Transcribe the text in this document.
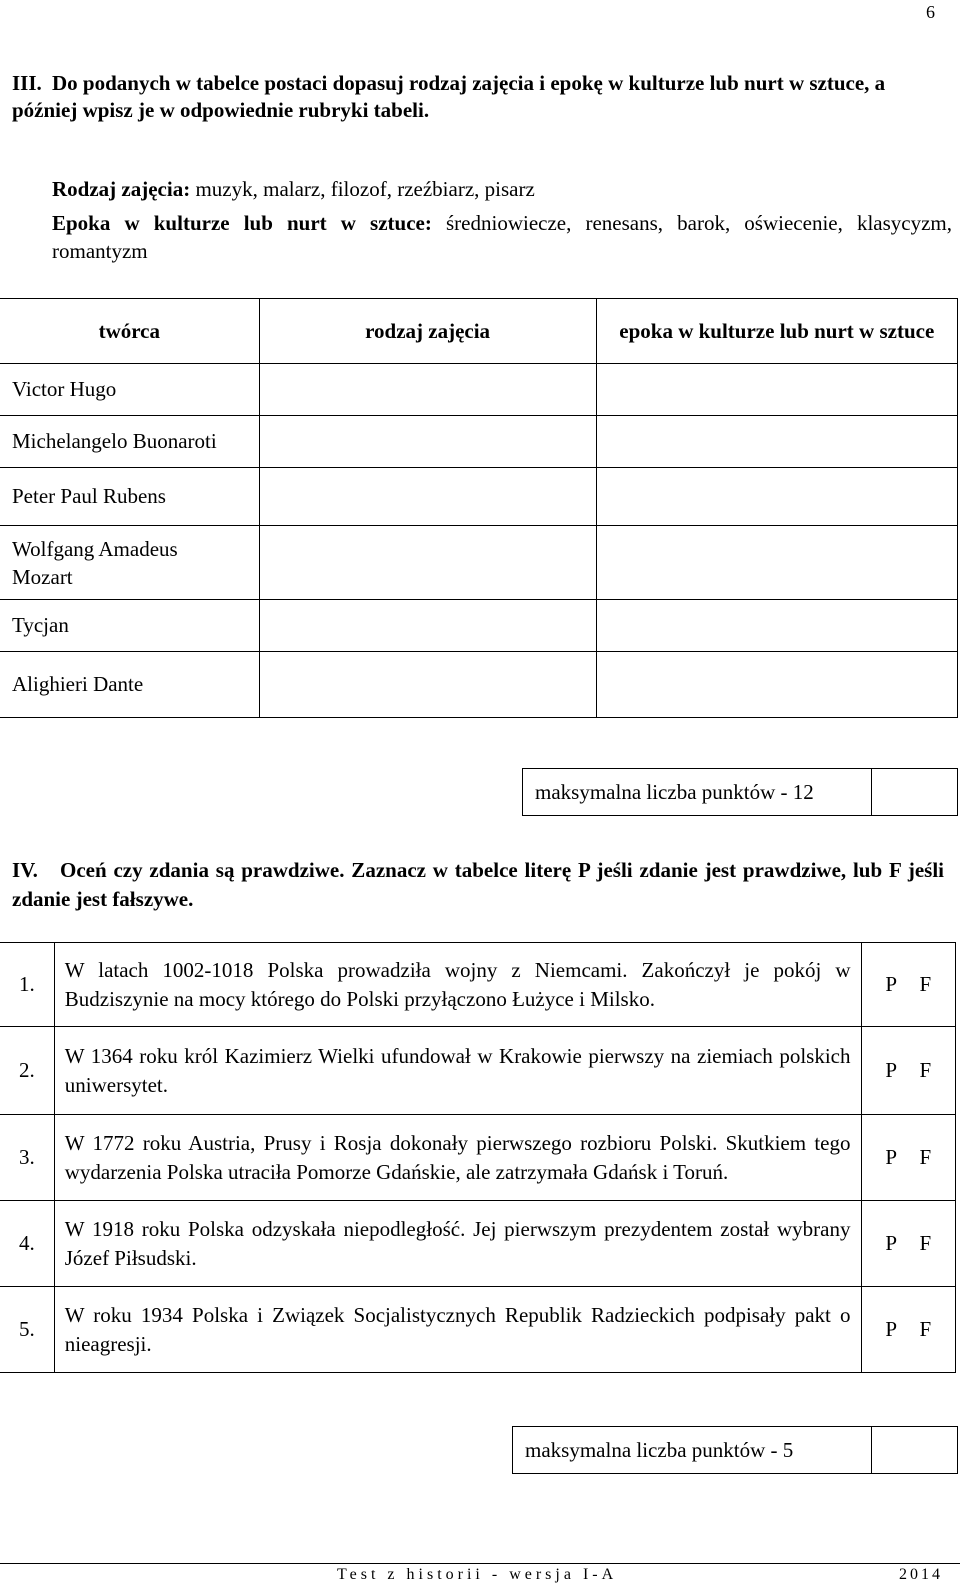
6
III. Do podanych w tabelce postaci dopasuj rodzaj zajęcia i epokę w kulturze lub nurt w sztuce, a później wpisz je w odpowiednie rubryki tabeli.
Rodzaj zajęcia: muzyk, malarz, filozof, rzeźbiarz, pisarz
Epoka w kulturze lub nurt w sztuce: średniowiecze, renesans, barok, oświecenie, klasycyzm, romantyzm
twórca	rodzaj zajęcia	epoka w kulturze lub nurt w sztuce
Victor Hugo		
Michelangelo Buonaroti		
Peter Paul Rubens		
Wolfgang Amadeus Mozart		
Tycjan		
Alighieri Dante		
maksymalna liczba punktów - 12
IV. Oceń czy zdania są prawdziwe. Zaznacz w tabelce literę P jeśli zdanie jest prawdziwe, lub F jeśli zdanie jest fałszywe.
1.	W latach 1002-1018 Polska prowadziła wojny z Niemcami. Zakończył je pokój w Budziszynie na mocy którego do Polski przyłączono Łużyce i Milsko.	P F
2.	W 1364 roku król Kazimierz Wielki ufundował w Krakowie pierwszy na ziemiach polskich uniwersytet.	P F
3.	W 1772 roku Austria, Prusy i Rosja dokonały pierwszego rozbioru Polski. Skutkiem tego wydarzenia Polska utraciła Pomorze Gdańskie, ale zatrzymała Gdańsk i Toruń.	P F
4.	W 1918 roku Polska odzyskała niepodległość. Jej pierwszym prezydentem został wybrany Józef Piłsudski.	P F
5.	W roku 1934 Polska i Związek Socjalistycznych Republik Radzieckich podpisały pakt o nieagresji.	P F
maksymalna liczba punktów - 5
Test z historii - wersja I-A	2014
